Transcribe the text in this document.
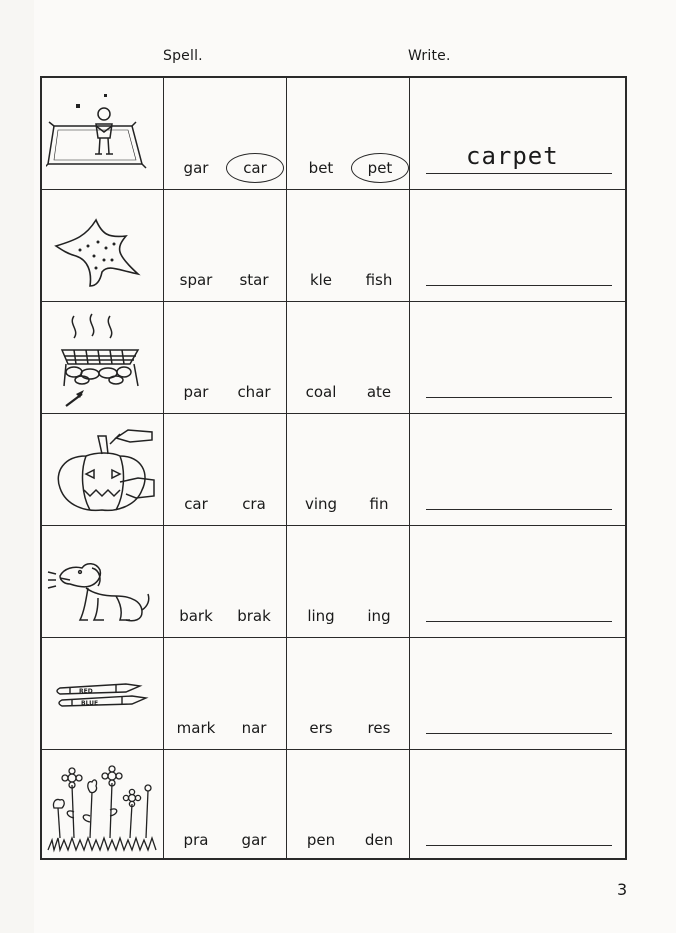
Spell.	Write.
gar	car	bet	pet	carpet
spar	star	kle	fish
par	char	coal	ate
car	cra	ving	fin
bark	brak	ling	ing
RED
BLUE
mark	nar	ers	res
pra	gar	pen	den
3
